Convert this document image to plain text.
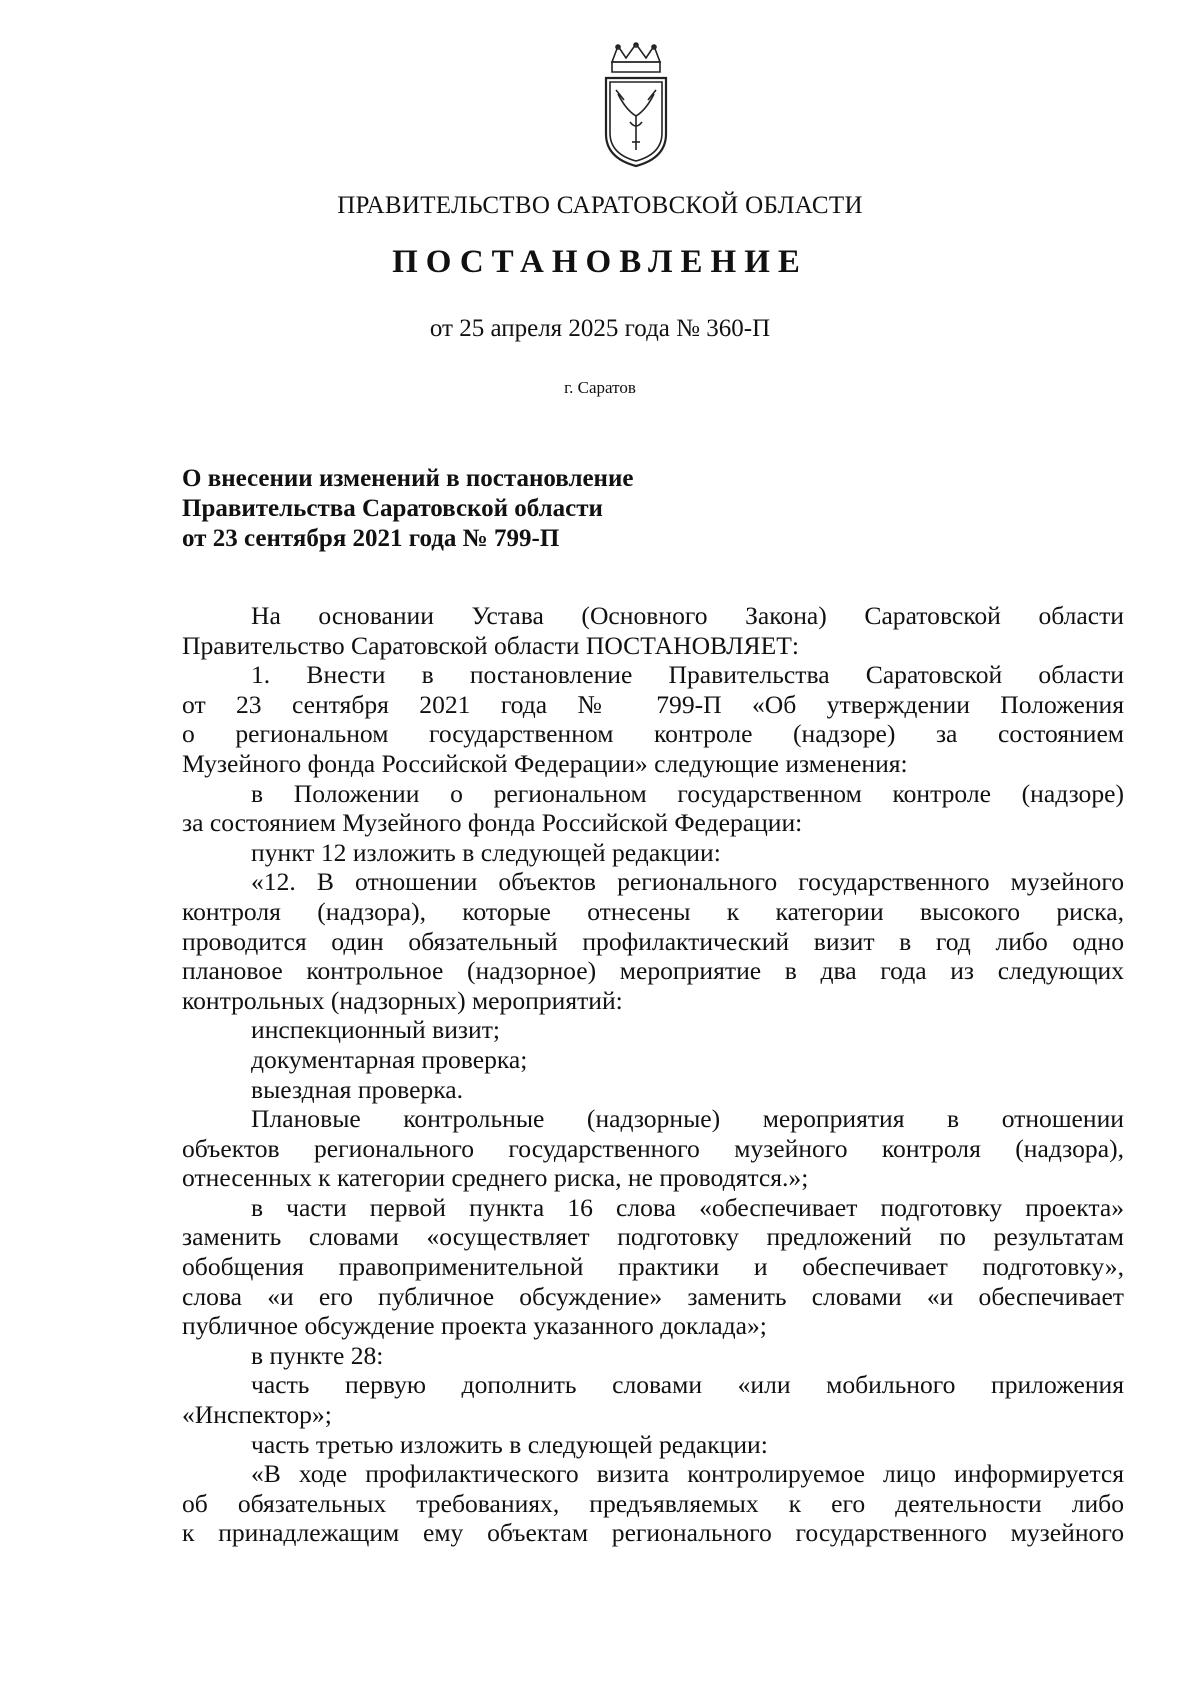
ПРАВИТЕЛЬСТВО САРАТОВСКОЙ ОБЛАСТИ
ПОСТАНОВЛЕНИЕ
от 25 апреля 2025 года № 360-П
г. Саратов
О внесении изменений в постановление
Правительства Саратовской области
от 23 сентября 2021 года № 799-П
На основании Устава (Основного Закона) Саратовской области
Правительство Саратовской области ПОСТАНОВЛЯЕТ:
1. Внести в постановление Правительства Саратовской области
от 23 сентября 2021 года № 799-П «Об утверждении Положения
о региональном государственном контроле (надзоре) за состоянием
Музейного фонда Российской Федерации» следующие изменения:
в Положении о региональном государственном контроле (надзоре)
за состоянием Музейного фонда Российской Федерации:
пункт 12 изложить в следующей редакции:
«12. В отношении объектов регионального государственного музейного
контроля (надзора), которые отнесены к категории высокого риска,
проводится один обязательный профилактический визит в год либо одно
плановое контрольное (надзорное) мероприятие в два года из следующих
контрольных (надзорных) мероприятий:
инспекционный визит;
документарная проверка;
выездная проверка.
Плановые контрольные (надзорные) мероприятия в отношении
объектов регионального государственного музейного контроля (надзора),
отнесенных к категории среднего риска, не проводятся.»;
в части первой пункта 16 слова «обеспечивает подготовку проекта»
заменить словами «осуществляет подготовку предложений по результатам
обобщения правоприменительной практики и обеспечивает подготовку»,
слова «и его публичное обсуждение» заменить словами «и обеспечивает
публичное обсуждение проекта указанного доклада»;
в пункте 28:
часть первую дополнить словами «или мобильного приложения
«Инспектор»;
часть третью изложить в следующей редакции:
«В ходе профилактического визита контролируемое лицо информируется
об обязательных требованиях, предъявляемых к его деятельности либо
к принадлежащим ему объектам регионального государственного музейного
